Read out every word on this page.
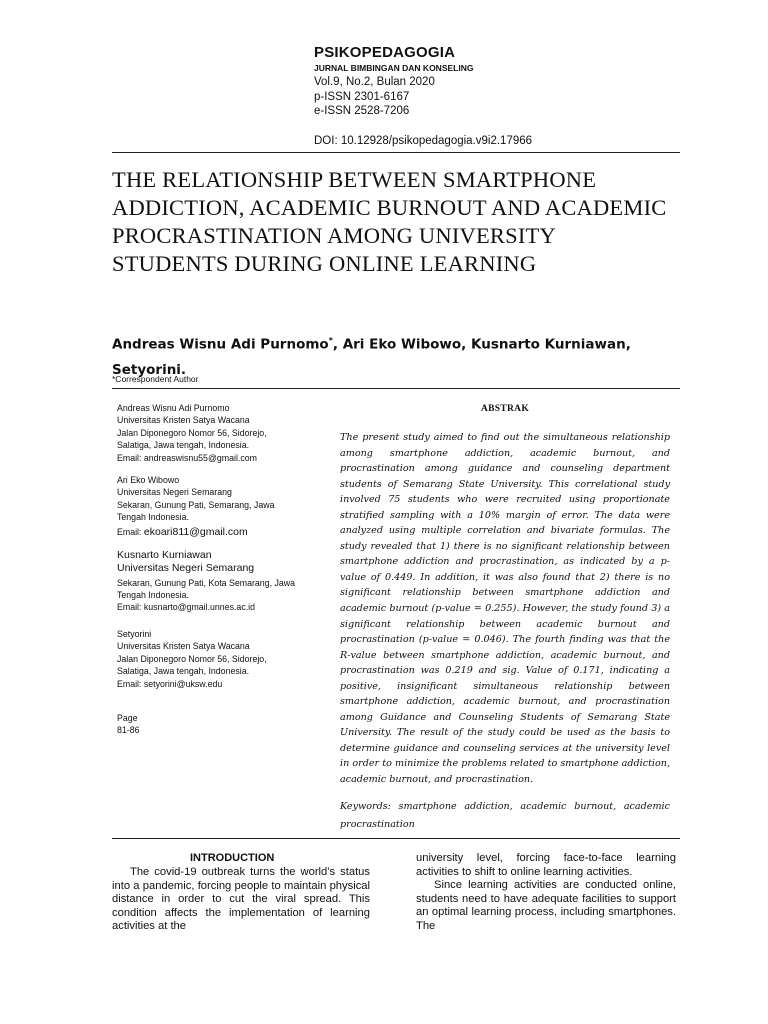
PSIKOPEDAGOGIA
JURNAL BIMBINGAN DAN KONSELING
Vol.9, No.2, Bulan 2020
p-ISSN 2301-6167
e-ISSN 2528-7206
DOI: 10.12928/psikopedagogia.v9i2.17966
THE RELATIONSHIP BETWEEN SMARTPHONE ADDICTION, ACADEMIC BURNOUT AND ACADEMIC PROCRASTINATION AMONG UNIVERSITY STUDENTS DURING ONLINE LEARNING
Andreas Wisnu Adi Purnomo*, Ari Eko Wibowo, Kusnarto Kurniawan,
Setyorini.
*Correspondent Author
Andreas Wisnu Adi Purnomo
Universitas Kristen Satya Wacana
Jalan Diponegoro Nomor 56, Sidorejo,
Salatiga, Jawa tengah, Indonesia.
Email: andreaswisnu55@gmail.com
Ari Eko Wibowo
Universitas Negeri Semarang
Sekaran, Gunung Pati, Semarang, Jawa
Tengah Indonesia.
Email: ekoari811@gmail.com
Kusnarto Kurniawan
Universitas Negeri Semarang
Sekaran, Gunung Pati, Kota Semarang, Jawa
Tengah Indonesia.
Email: kusnarto@gmail.unnes.ac.id
Setyorini
Universitas Kristen Satya Wacana
Jalan Diponegoro Nomor 56, Sidorejo,
Salatiga, Jawa tengah, Indonesia.
Email: setyorini@uksw.edu
Page
81-86
ABSTRAK
The present study aimed to find out the simultaneous relationship among smartphone addiction, academic burnout, and procrastination among guidance and counseling department students of Semarang State University. This correlational study involved 75 students who were recruited using proportionate stratified sampling with a 10% margin of error. The data were analyzed using multiple correlation and bivariate formulas. The study revealed that 1) there is no significant relationship between smartphone addiction and procrastination, as indicated by a p-value of 0.449. In addition, it was also found that 2) there is no significant relationship between smartphone addiction and academic burnout (p-value = 0.255). However, the study found 3) a significant relationship between academic burnout and procrastination (p-value = 0.046). The fourth finding was that the R-value between smartphone addiction, academic burnout, and procrastination was 0.219 and sig. Value of 0.171, indicating a positive, insignificant simultaneous relationship between smartphone addiction, academic burnout, and procrastination among Guidance and Counseling Students of Semarang State University. The result of the study could be used as the basis to determine guidance and counseling services at the university level in order to minimize the problems related to smartphone addiction, academic burnout, and procrastination.
Keywords: smartphone addiction, academic burnout, academic procrastination
INTRODUCTION

The covid-19 outbreak turns the world’s status into a pandemic, forcing people to maintain physical distance in order to cut the viral spread. This condition affects the implementation of learning activities at the

university level, forcing face-to-face learning activities to shift to online learning activities.

Since learning activities are conducted online, students need to have adequate facilities to support an optimal learning process, including smartphones. The
